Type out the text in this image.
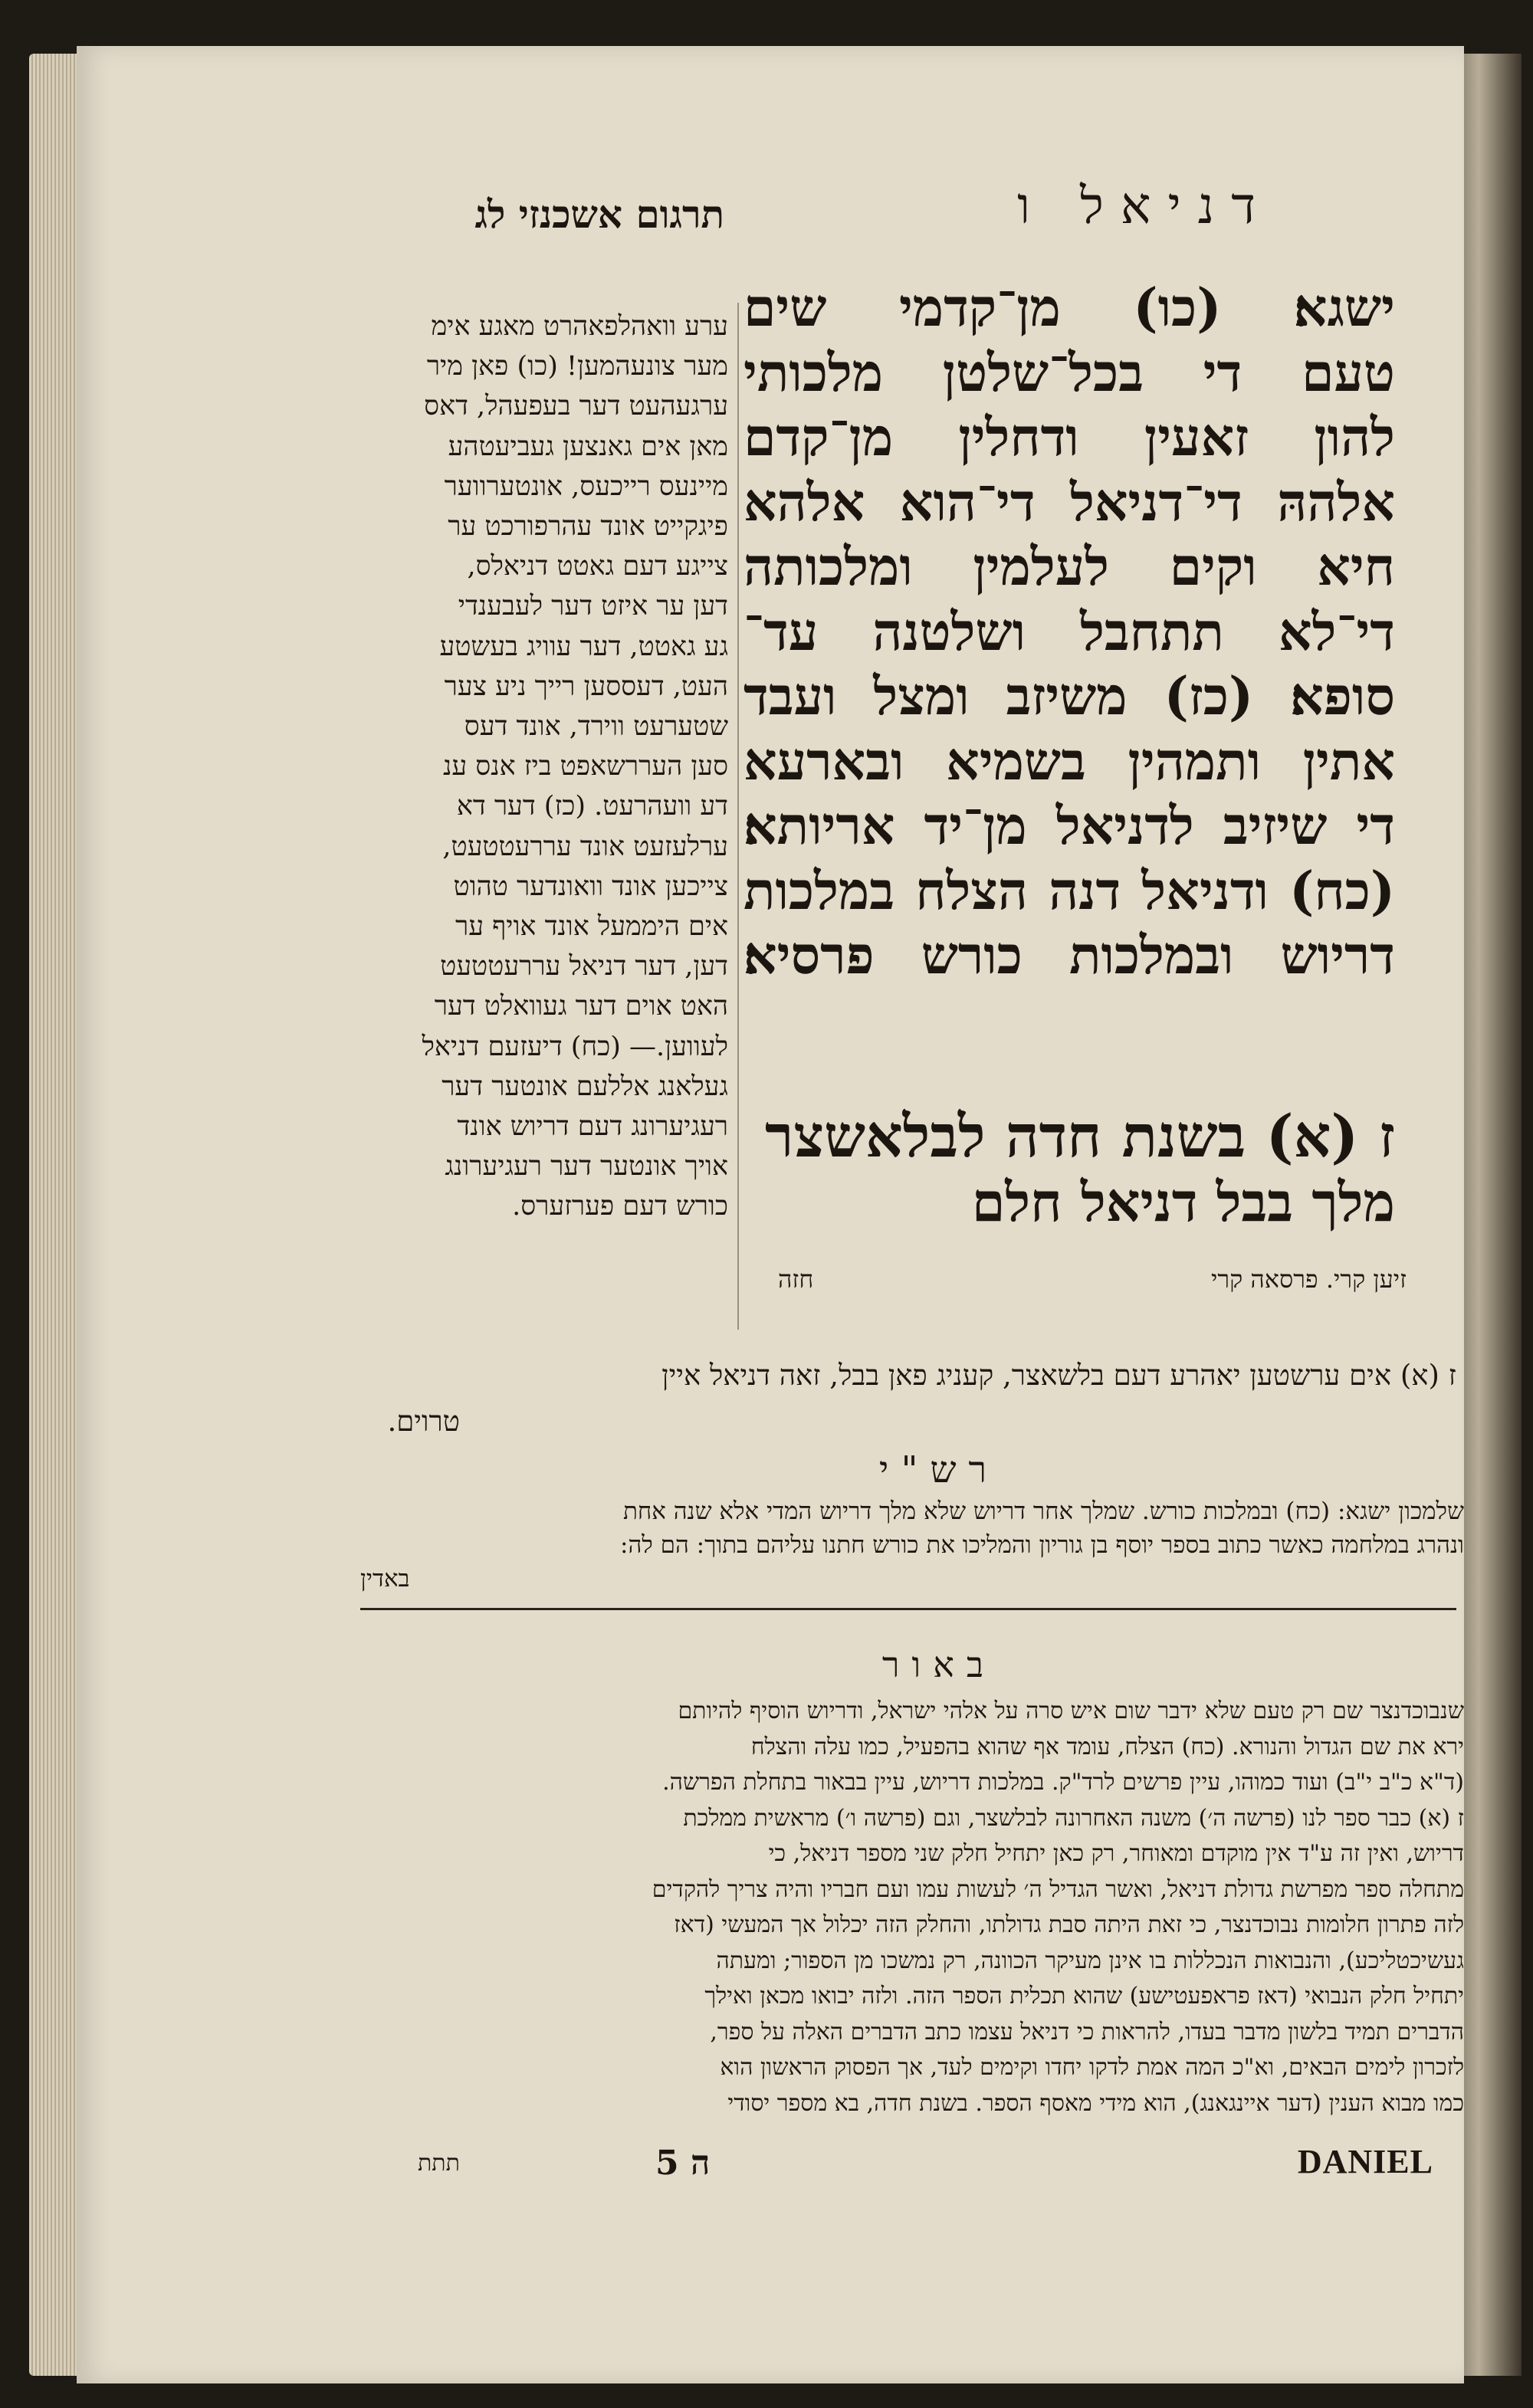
דניאל ו
תרגום אשכנזי לג
ישגא׃ (כו) מן־קדמי שים
טעם די בכל־שלטן מלכותי
להון זאעין ודחלין מן־קדם
אלההּ די־דניאל די־הוא אלהא
חיא וקים לעלמין ומלכותה
די־לא תתחבל ושלטנה עד־
סופא׃ (כז) משיזב ומצל ועבד
אתין ותמהין בשמיא ובארעא
די שיזיב לדניאל מן־יד אריותא׃
(כח) ודניאל דנה הצלח במלכות
דריוש ובמלכות כורש פרסיא׃
ז (א) בשנת חדה לבלאשצר
מלך בבל דניאל חלם
זיען קרי. פרסאה קרי
חזה
ערע וואהלפאהרט מאגע אימ
מער צונעהמען! (כו) פאן מיר
ערגעהעט דער בעפעהל, דאס
מאן אים גאנצען געביעטהע
מיינעס רייכעס, אונטערווער
פיגקייט אונד עהרפורכט ער
צייגע דעם גאטט דניאלס,
דען ער איזט דער לעבענדי
גע גאטט, דער עוויג בעשטע
העט, דעססען רייך ניע צער
שטערעט ווירד, אונד דעס
סען העררשאפט ביז אנס ענ
דע וועהרעט. (כז) דער דא
ערלעזעט אונד עררעטטעט,
צייכען אונד וואונדער טהוט
אים היממעל אונד אויף ער
דען, דער דניאל עררעטטעט
האט אוים דער געוואלט דער
לעווען.— (כח) דיעזעם דניאל
געלאנג אללעם אונטער דער
רעגיערונג דעם דריוש אונד
אויך אונטער דער רעגיערונג
כורש דעם פערזערס.
ז (א) אים ערשטען יאהרע דעם בלשאצר, קעניג פאן בבל, זאה דניאל איין
טרוים.
רש"י
שלמכון ישגא: (כח) ובמלכות כורש. שמלך אחר דריוש שלא מלך דריוש המדי אלא שנה אחת
ונהרג במלחמה כאשר כתוב בספר יוסף בן גוריון והמליכו את כורש חתנו עליהם בתוך: הם לה:
באדין
באור
שנבוכדנצר שם רק טעם שלא ידבר שום איש סרה על אלהי ישראל, ודריוש הוסיף להיותם
ירא את שם הגדול והנורא. (כח) הצלח, עומד אף שהוא בהפעיל, כמו עלה והצלח
(ד"א כ"ב י"ב) ועוד כמוהו, עיין פרשים לרד"ק. במלכות דריוש, עיין בבאור בתחלת הפרשה.
ז (א) כבר ספר לנו (פרשה ה׳) משנה האחרונה לבלשצר, וגם (פרשה ו׳) מראשית ממלכת
דריוש, ואין זה ע"ד אין מוקדם ומאוחר, רק כאן יתחיל חלק שני מספר דניאל, כי
מתחלה ספר מפרשת גדולת דניאל, ואשר הגדיל ה׳ לעשות עמו ועם חבריו והיה צריך להקדים
לזה פתרון חלומות נבוכדנצר, כי זאת היתה סבת גדולתו, והחלק הזה יכלול אך המעשי (דאז
געשיכטליכע), והנבואות הנכללות בו אינן מעיקר הכוונה, רק נמשכו מן הספור; ומעתה
יתחיל חלק הנבואי (דאז פראפעטישע) שהוא תכלית הספר הזה. ולזה יבואו מכאן ואילך
הדברים תמיד בלשון מדבר בעדו, להראות כי דניאל עצמו כתב הדברים האלה על ספר,
לזכרון לימים הבאים, וא"כ המה אמת לדקו יחדו וקימים לעד, אך הפסוק הראשון הוא
כמו מבוא הענין (דער איינגאנג), הוא מידי מאסף הספר. בשנת חדה, בא מספר יסודי
תתת	ה 5	DANIEL
